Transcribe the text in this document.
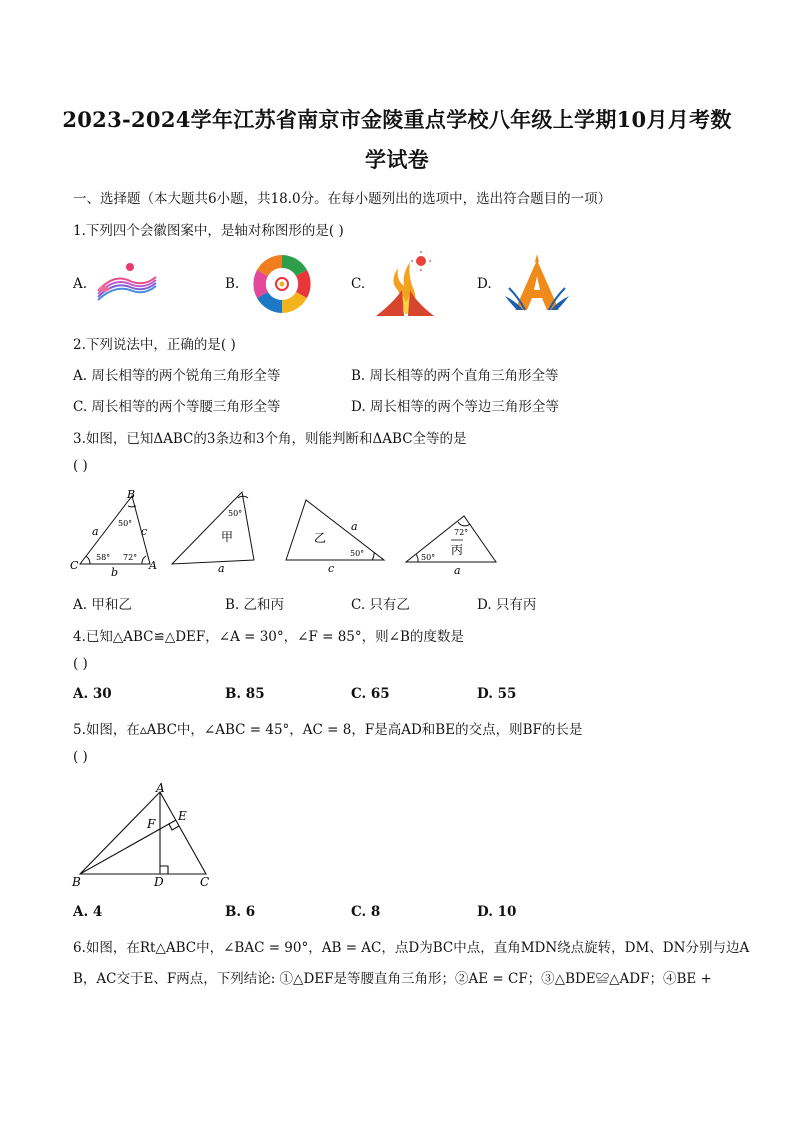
2023-2024学年江苏省南京市金陵重点学校八年级上学期10月月考数
学试卷
一、选择题（本大题共6小题，共18.0分。在每小题列出的选项中，选出符合题目的一项）
1.下列四个会徽图案中，是轴对称图形的是( )
A.	B.	C.	D.
2.下列说法中，正确的是( )
A. 周长相等的两个锐角三角形全等	B. 周长相等的两个直角三角形全等
C. 周长相等的两个等腰三角形全等	D. 周长相等的两个等边三角形全等
3.如图，已知ΔABC的3条边和3个角，则能判断和ΔABC全等的是
( )
B
C	A
a	c
b
50°
58° 72°
50°
甲
a
乙
50°
a
c
72°
丙
50°
a
A. 甲和乙	B. 乙和丙	C. 只有乙	D. 只有丙
4.已知△ABC≌△DEF，∠A = 30°，∠F = 85°，则∠B的度数是
( )
A. 30	B. 85	C. 65	D. 55
5.如图，在▵ABC中，∠ABC = 45°，AC = 8，F是高AD和BE的交点，则BF的长是
( )
A
B	C
D
E
F
A. 4	B. 6	C. 8	D. 10
6.如图，在Rt△ABC中，∠BAC = 90°，AB = AC，点D为BC中点，直角MDN绕点旋转，DM、DN分别与边A
B，AC交于E、F两点，下列结论: ①△DEF是等腰直角三角形；②AE = CF；③△BDE≌△ADF；④BE +
